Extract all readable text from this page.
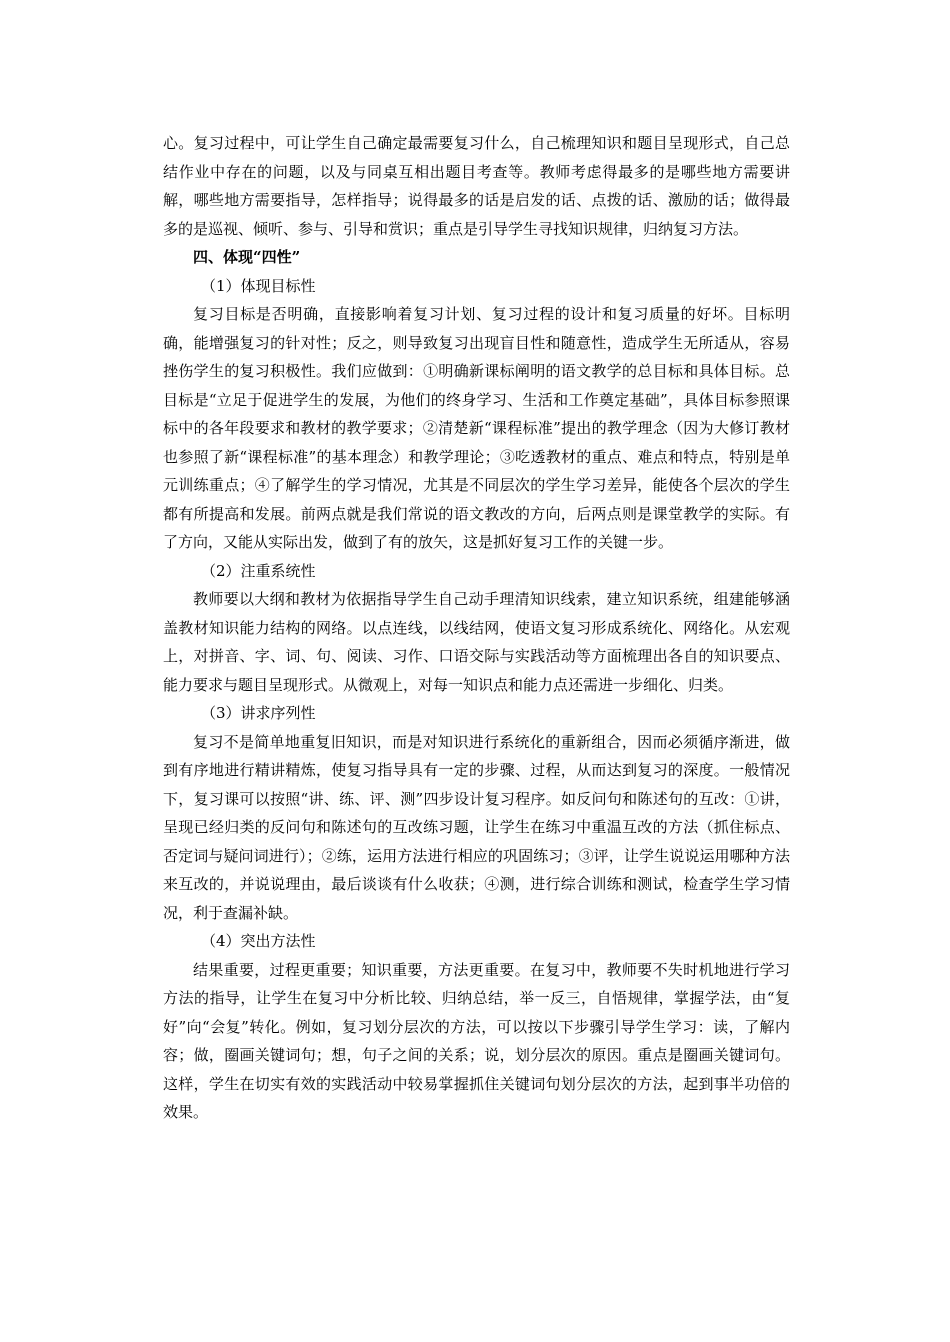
心。复习过程中，可让学生自己确定最需要复习什么，自己梳理知识和题目呈现形式，自己总结作业中存在的问题，以及与同桌互相出题目考查等。教师考虑得最多的是哪些地方需要讲解，哪些地方需要指导，怎样指导；说得最多的话是启发的话、点拨的话、激励的话；做得最多的是巡视、倾听、参与、引导和赏识；重点是引导学生寻找知识规律，归纳复习方法。

四、体现“四性”

（1）体现目标性

复习目标是否明确，直接影响着复习计划、复习过程的设计和复习质量的好坏。目标明确，能增强复习的针对性；反之，则导致复习出现盲目性和随意性，造成学生无所适从，容易挫伤学生的复习积极性。我们应做到：①明确新课标阐明的语文教学的总目标和具体目标。总目标是“立足于促进学生的发展，为他们的终身学习、生活和工作奠定基础”，具体目标参照课标中的各年段要求和教材的教学要求；②清楚新“课程标准”提出的教学理念（因为大修订教材也参照了新“课程标准”的基本理念）和教学理论；③吃透教材的重点、难点和特点，特别是单元训练重点；④了解学生的学习情况，尤其是不同层次的学生学习差异，能使各个层次的学生都有所提高和发展。前两点就是我们常说的语文教改的方向，后两点则是课堂教学的实际。有了方向，又能从实际出发，做到了有的放矢，这是抓好复习工作的关键一步。

（2）注重系统性

教师要以大纲和教材为依据指导学生自己动手理清知识线索，建立知识系统，组建能够涵盖教材知识能力结构的网络。以点连线，以线结网，使语文复习形成系统化、网络化。从宏观上，对拼音、字、词、句、阅读、习作、口语交际与实践活动等方面梳理出各自的知识要点、能力要求与题目呈现形式。从微观上，对每一知识点和能力点还需进一步细化、归类。

（3）讲求序列性

复习不是简单地重复旧知识，而是对知识进行系统化的重新组合，因而必须循序渐进，做到有序地进行精讲精炼，使复习指导具有一定的步骤、过程，从而达到复习的深度。一般情况下，复习课可以按照“讲、练、评、测”四步设计复习程序。如反问句和陈述句的互改：①讲，呈现已经归类的反问句和陈述句的互改练习题，让学生在练习中重温互改的方法（抓住标点、否定词与疑问词进行）；②练，运用方法进行相应的巩固练习；③评，让学生说说运用哪种方法来互改的，并说说理由，最后谈谈有什么收获；④测，进行综合训练和测试，检查学生学习情况，利于查漏补缺。

（4）突出方法性

结果重要，过程更重要；知识重要，方法更重要。在复习中，教师要不失时机地进行学习方法的指导，让学生在复习中分析比较、归纳总结，举一反三，自悟规律，掌握学法，由“复好”向“会复”转化。例如，复习划分层次的方法，可以按以下步骤引导学生学习：读，了解内容；做，圈画关键词句；想，句子之间的关系；说，划分层次的原因。重点是圈画关键词句。这样，学生在切实有效的实践活动中较易掌握抓住关键词句划分层次的方法，起到事半功倍的效果。
